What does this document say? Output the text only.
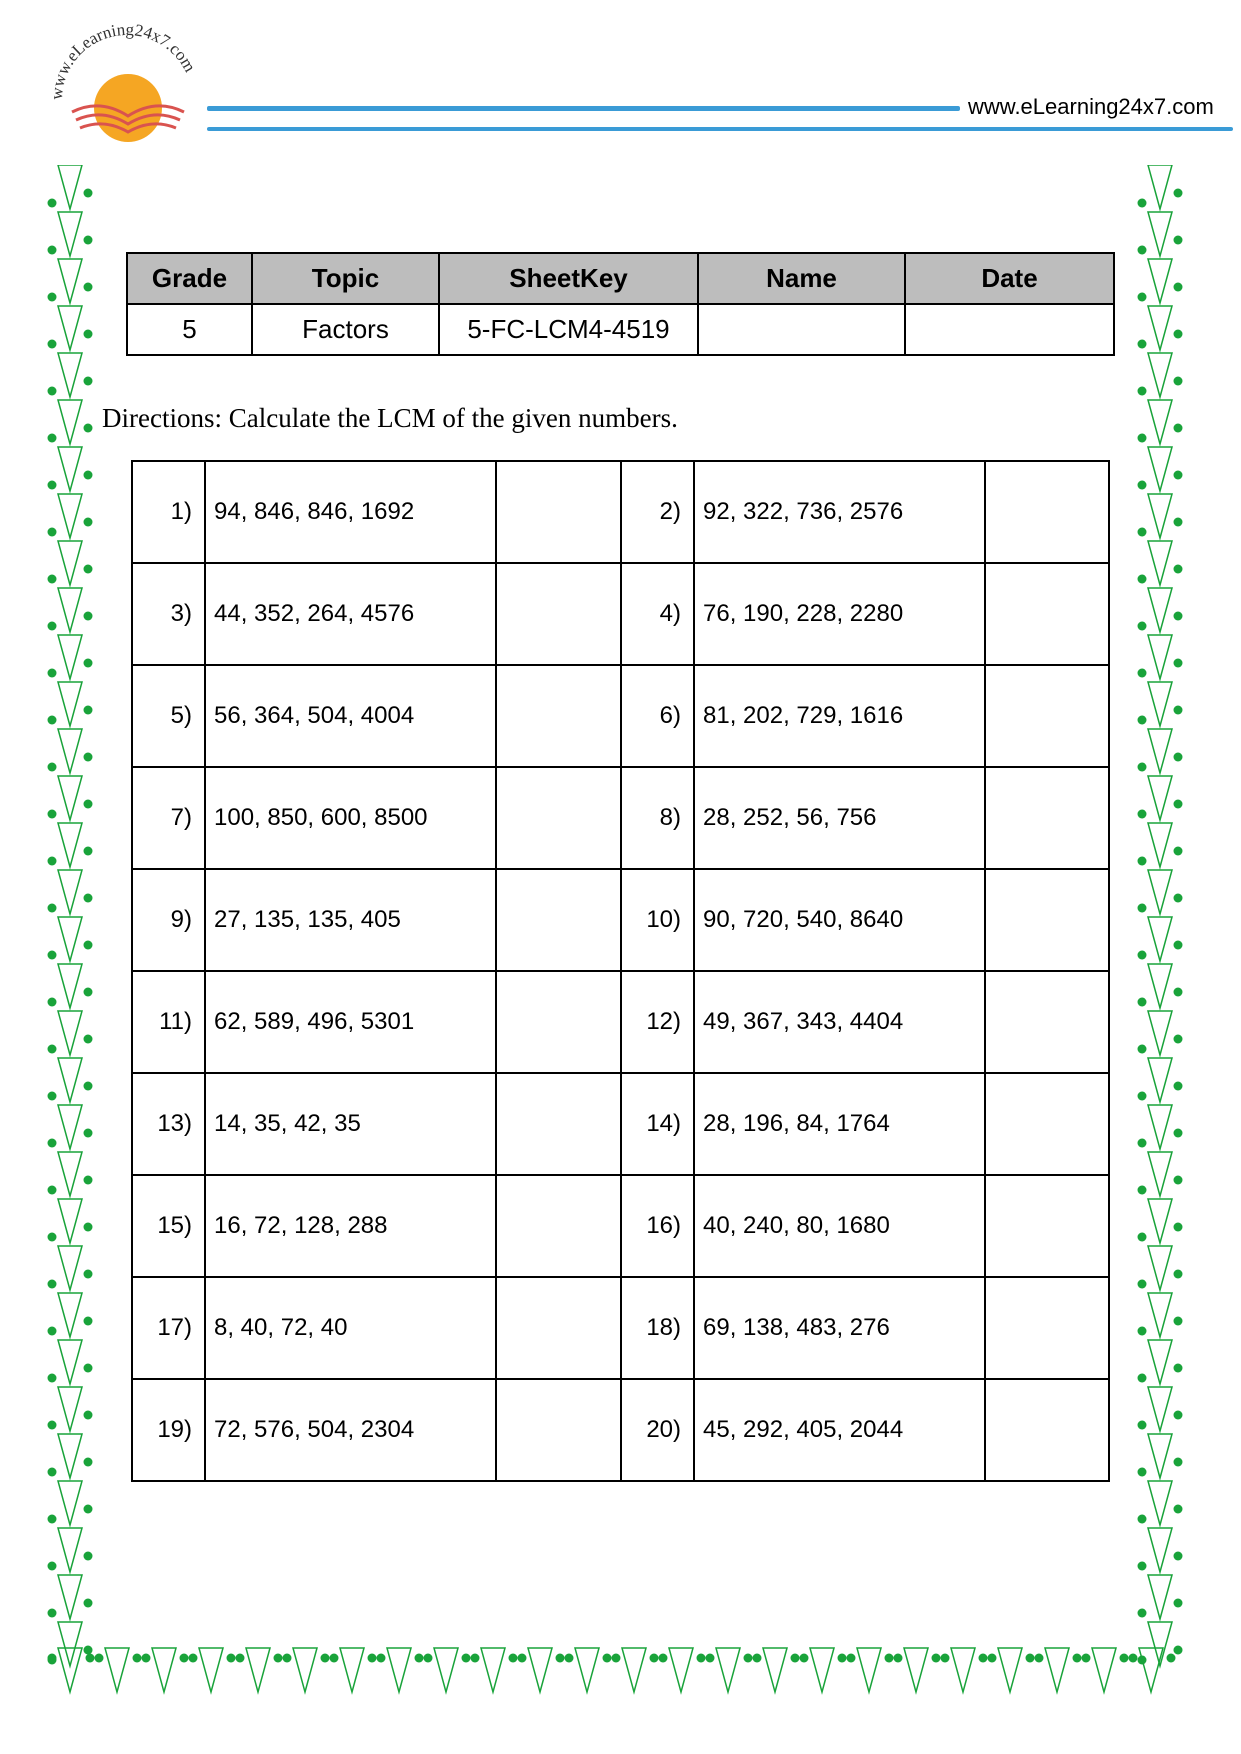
www.eLearning24x7.com
www.eLearning24x7.com
Grade	Topic	SheetKey	Name	Date
5	Factors	5-FC-LCM4-4519		
Directions: Calculate the LCM of the given numbers.
1)	94, 846, 846, 1692		2)	92, 322, 736, 2576	
3)	44, 352, 264, 4576		4)	76, 190, 228, 2280	
5)	56, 364, 504, 4004		6)	81, 202, 729, 1616	
7)	100, 850, 600, 8500		8)	28, 252, 56, 756	
9)	27, 135, 135, 405		10)	90, 720, 540, 8640	
11)	62, 589, 496, 5301		12)	49, 367, 343, 4404	
13)	14, 35, 42, 35		14)	28, 196, 84, 1764	
15)	16, 72, 128, 288		16)	40, 240, 80, 1680	
17)	8, 40, 72, 40		18)	69, 138, 483, 276	
19)	72, 576, 504, 2304		20)	45, 292, 405, 2044	
